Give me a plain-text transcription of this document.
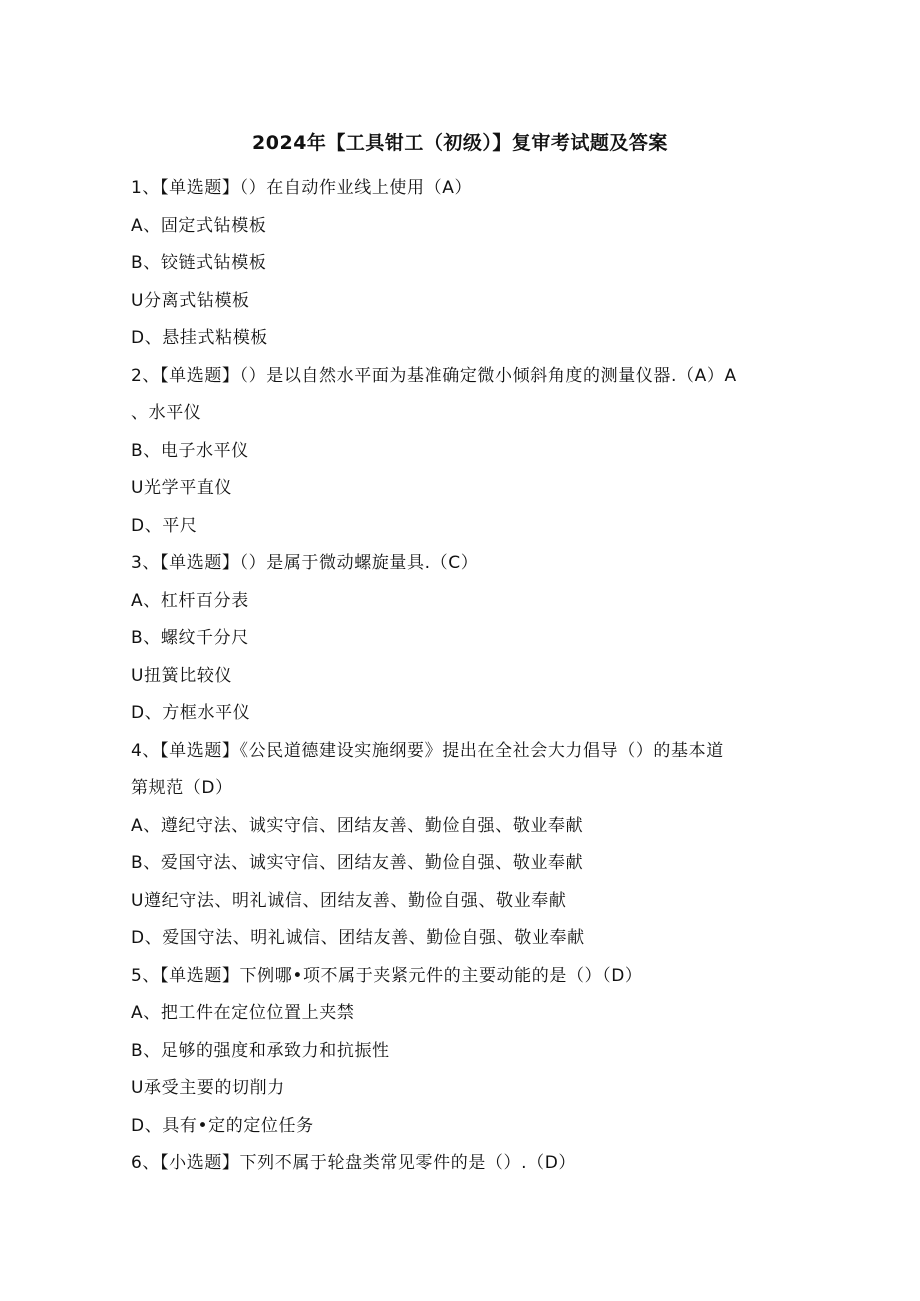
2024年【工具钳工（初级）】复审考试题及答案
1、【单选题】（）在自动作业线上使用（A）
A、固定式钻模板
B、铰链式钻模板
U分离式钻模板
D、悬挂式粘模板
2、【单选题】（）是以自然水平面为基准确定微小倾斜角度的测量仪器.（A）A
、水平仪
B、电子水平仪
U光学平直仪
D、平尺
3、【单选题】（）是属于微动螺旋量具.（C）
A、杠杆百分表
B、螺纹千分尺
U扭簧比较仪
D、方框水平仪
4、【单选题】《公民道德建设实施纲要》提出在全社会大力倡导（）的基本道
第规范（D）
A、遵纪守法、诚实守信、团结友善、勤俭自强、敬业奉献
B、爱国守法、诚实守信、团结友善、勤俭自强、敬业奉献
U遵纪守法、明礼诚信、团结友善、勤俭自强、敬业奉献
D、爱国守法、明礼诚信、团结友善、勤俭自强、敬业奉献
5、【单选题】下例哪•项不属于夹紧元件的主要动能的是（）（D）
A、把工件在定位位置上夹禁
B、足够的强度和承致力和抗振性
U承受主要的切削力
D、具有•定的定位任务
6、【小选题】下列不属于轮盘类常见零件的是（）.（D）
